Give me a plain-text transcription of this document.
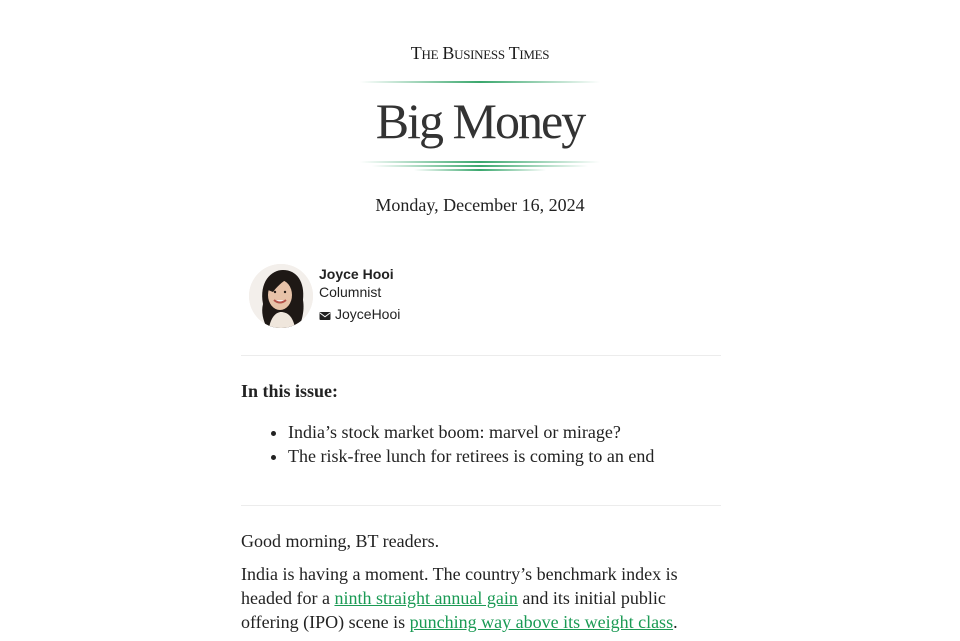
The Business Times
Big Money
Monday, December 16, 2024
Joyce Hooi
Columnist
JoyceHooi
In this issue:
• India’s stock market boom: marvel or mirage?
• The risk-free lunch for retirees is coming to an end
Good morning, BT readers.
India is having a moment. The country’s benchmark index is headed for a ninth straight annual gain and its initial public offering (IPO) scene is punching way above its weight class.
